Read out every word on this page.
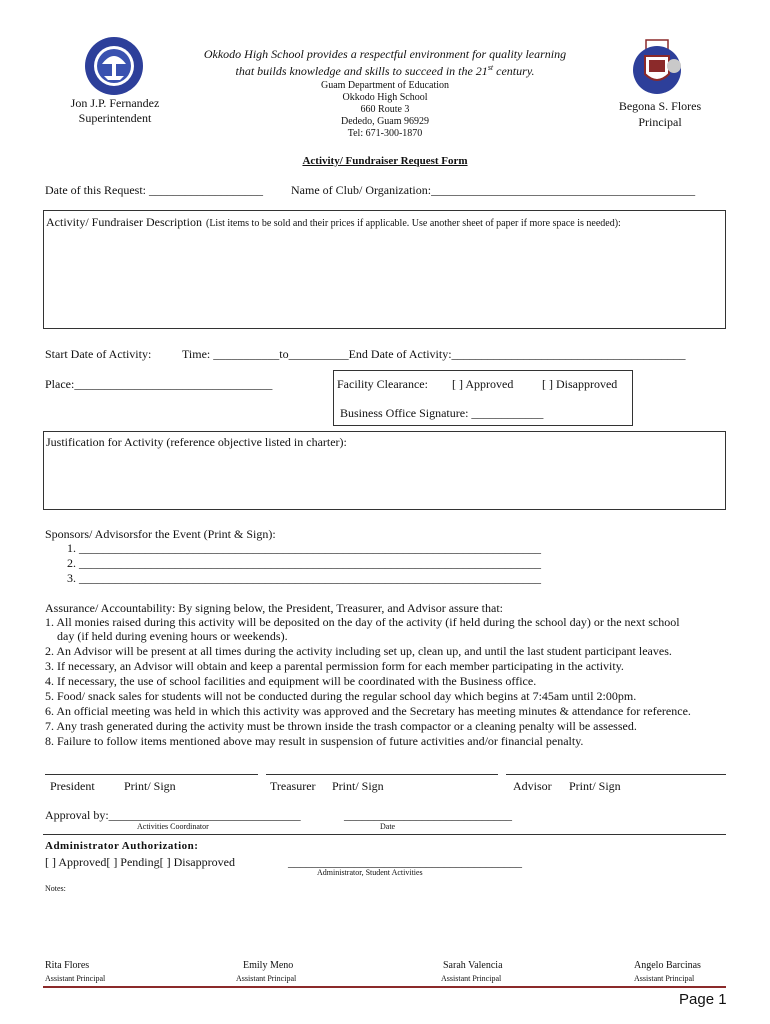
Okkodo High School provides a respectful environment for quality learning
that builds knowledge and skills to succeed in the 21st century.
Guam Department of Education
Okkodo High School
660 Route 3
Dededo, Guam 96929
Tel: 671-300-1870
Jon J.P. Fernandez
Superintendent
Begona S. Flores
Principal
Activity/ Fundraiser Request Form
Date of this Request: ___________________ Name of Club/ Organization:____________________________________________
Activity/ Fundraiser Description (List items to be sold and their prices if applicable. Use another sheet of paper if more space is needed):
Start Date of Activity:	Time: ___________to__________End Date of Activity:_______________________________________
Place:_________________________________	Facility Clearance: [ ] Approved [ ] Disapproved
Business Office Signature: ____________
Justification for Activity (reference objective listed in charter):
Sponsors/ Advisorsfor the Event (Print & Sign):
1. _____________________________________________________________________________
2. _____________________________________________________________________________
3. _____________________________________________________________________________
Assurance/ Accountability: By signing below, the President, Treasurer, and Advisor assure that:
1. All monies raised during this activity will be deposited on the day of the activity (if held during the school day) or the next school
day (if held during evening hours or weekends).
2. An Advisor will be present at all times during the activity including set up, clean up, and until the last student participant leaves.
3. If necessary, an Advisor will obtain and keep a parental permission form for each member participating in the activity.
4. If necessary, the use of school facilities and equipment will be coordinated with the Business office.
5. Food/ snack sales for students will not be conducted during the regular school day which begins at 7:45am until 2:00pm.
6. An official meeting was held in which this activity was approved and the Secretary has meeting minutes & attendance for reference.
7. Any trash generated during the activity must be thrown inside the trash compactor or a cleaning penalty will be assessed.
8. Failure to follow items mentioned above may result in suspension of future activities and/or financial penalty.
President Print/ Sign	Treasurer Print/ Sign	Advisor Print/ Sign
Approval by:________________________________	____________________________
Activities Coordinator	Date
Administrator Authorization:
[ ] Approved[ ] Pending[ ] Disapproved	_______________________________________
Administrator, Student Activities
Notes:
Rita Flores
Assistant Principal
Emily Meno
Assistant Principal
Sarah Valencia
Assistant Principal
Angelo Barcinas
Assistant Principal
Page 1
